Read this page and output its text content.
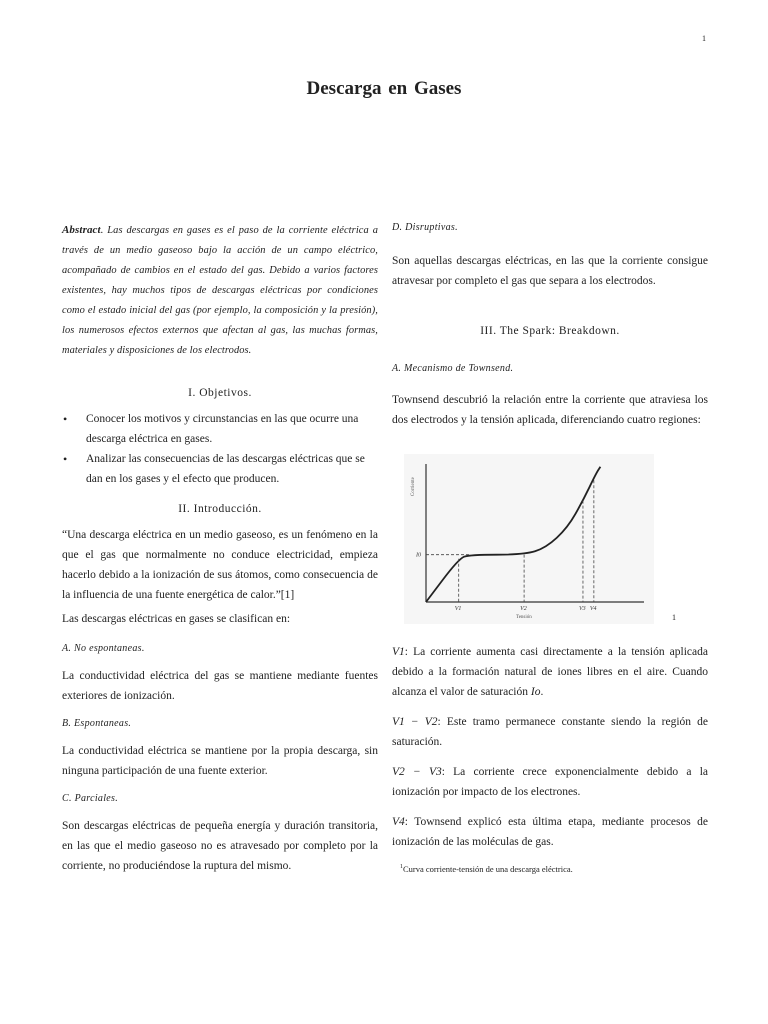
1
Descarga en Gases

Abstract. Las descargas en gases es el paso de la corriente eléctrica a través de un medio gaseoso bajo la acción de un campo eléctrico, acompañado de cambios en el estado del gas. Debido a varios factores existentes, hay muchos tipos de descargas eléctricas por condiciones como el estado inicial del gas (por ejemplo, la composición y la presión), los numerosos efectos externos que afectan al gas, las muchas formas, materiales y disposiciones de los electrodos.

I. Objetivos.
• Conocer los motivos y circunstancias en las que ocurre una descarga eléctrica en gases.
• Analizar las consecuencias de las descargas eléctricas que se dan en los gases y el efecto que producen.
II. Introducción.

“Una descarga eléctrica en un medio gaseoso, es un fenómeno en la que el gas que normalmente no conduce electricidad, empieza hacerlo debido a la ionización de sus átomos, como consecuencia de la influencia de una fuente energética de calor.”[1]

Las descargas eléctricas en gases se clasifican en:

A. No espontaneas.

La conductividad eléctrica del gas se mantiene mediante fuentes exteriores de ionización.

B. Espontaneas.

La conductividad eléctrica se mantiene por la propia descarga, sin ninguna participación de una fuente exterior.

C. Parciales.

Son descargas eléctricas de pequeña energía y duración transitoria, en las que el medio gaseoso no es atravesado por completo por la corriente, no produciéndose la ruptura del mismo.

D. Disruptivas.

Son aquellas descargas eléctricas, en las que la corriente consigue atravesar por completo el gas que separa a los electrodos.

III. The Spark: Breakdown.
A. Mecanismo de Townsend.

Townsend descubrió la relación entre la corriente que atraviesa los dos electrodos y la tensión aplicada, diferenciando cuatro regiones:

Corriente
Tensión
I0
V1	V2	V3 V4
1

V1: La corriente aumenta casi directamente a la tensión aplicada debido a la formación natural de iones libres en el aire. Cuando alcanza el valor de saturación Io.

V1 − V2: Este tramo permanece constante siendo la región de saturación.

V2 − V3: La corriente crece exponencialmente debido a la ionización por impacto de los electrones.

V4: Townsend explicó esta última etapa, mediante procesos de ionización de las moléculas de gas.

$^1$Curva corriente-tensión de una descarga eléctrica.
